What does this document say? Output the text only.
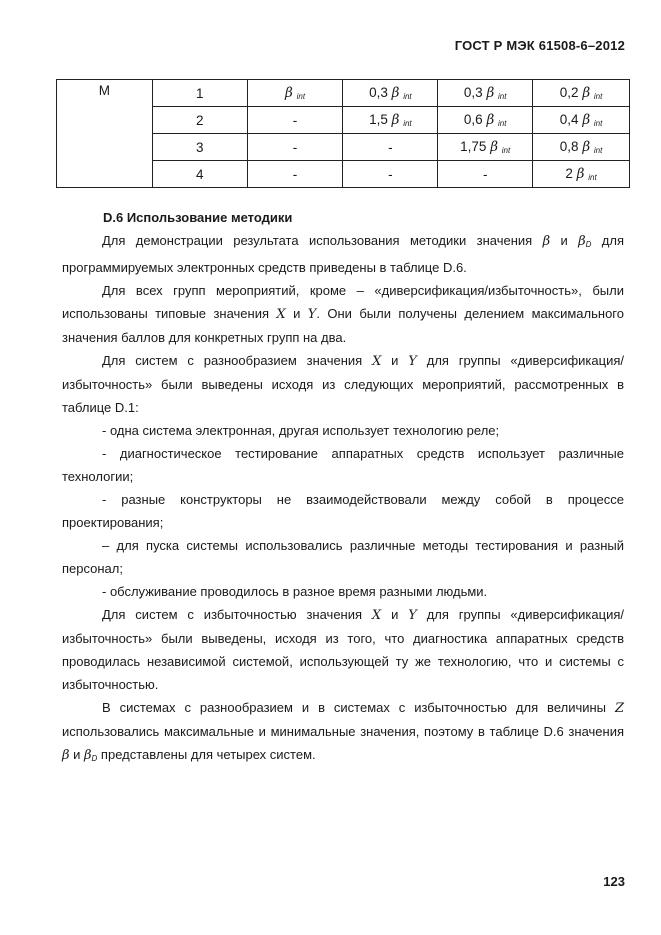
ГОСТ Р МЭК 61508-6–2012
M	1	β $_{int}$	0,3 β $_{int}$	0,3 β $_{int}$	0,2 β $_{int}$
	2	-	1,5 β $_{int}$	0,6 β $_{int}$	0,4 β $_{int}$
	3	-	-	1,75 β $_{int}$	0,8 β $_{int}$
	4	-	-	-	2 β $_{int}$

D.6 Использование методики

Для демонстрации результата использования методики значения β и $\beta_D$ для программируемых электронных средств приведены в таблице D.6.

Для всех групп мероприятий, кроме – «диверсификация/избыточность», были использованы типовые значения X и Y. Они были получены делением максимального значения баллов для конкретных групп на два.

Для систем с разнообразием значения X и Y для группы «диверсификация/избыточность» были выведены исходя из следующих мероприятий, рассмотренных в таблице D.1:

- одна система электронная, другая использует технологию реле;

- диагностическое тестирование аппаратных средств использует различные технологии;

- разные конструкторы не взаимодействовали между собой в процессе проектирования;

– для пуска системы использовались различные методы тестирования и разный персонал;

- обслуживание проводилось в разное время разными людьми.

Для систем с избыточностью значения X и Y для группы «диверсификация/избыточность» были выведены, исходя из того, что диагностика аппаратных средств проводилась независимой системой, использующей ту же технологию, что и системы с избыточностью.

В системах с разнообразием и в системах с избыточностью для величины Z использовались максимальные и минимальные значения, поэтому в таблице D.6 значения β и $\beta_D$ представлены для четырех систем.

123
